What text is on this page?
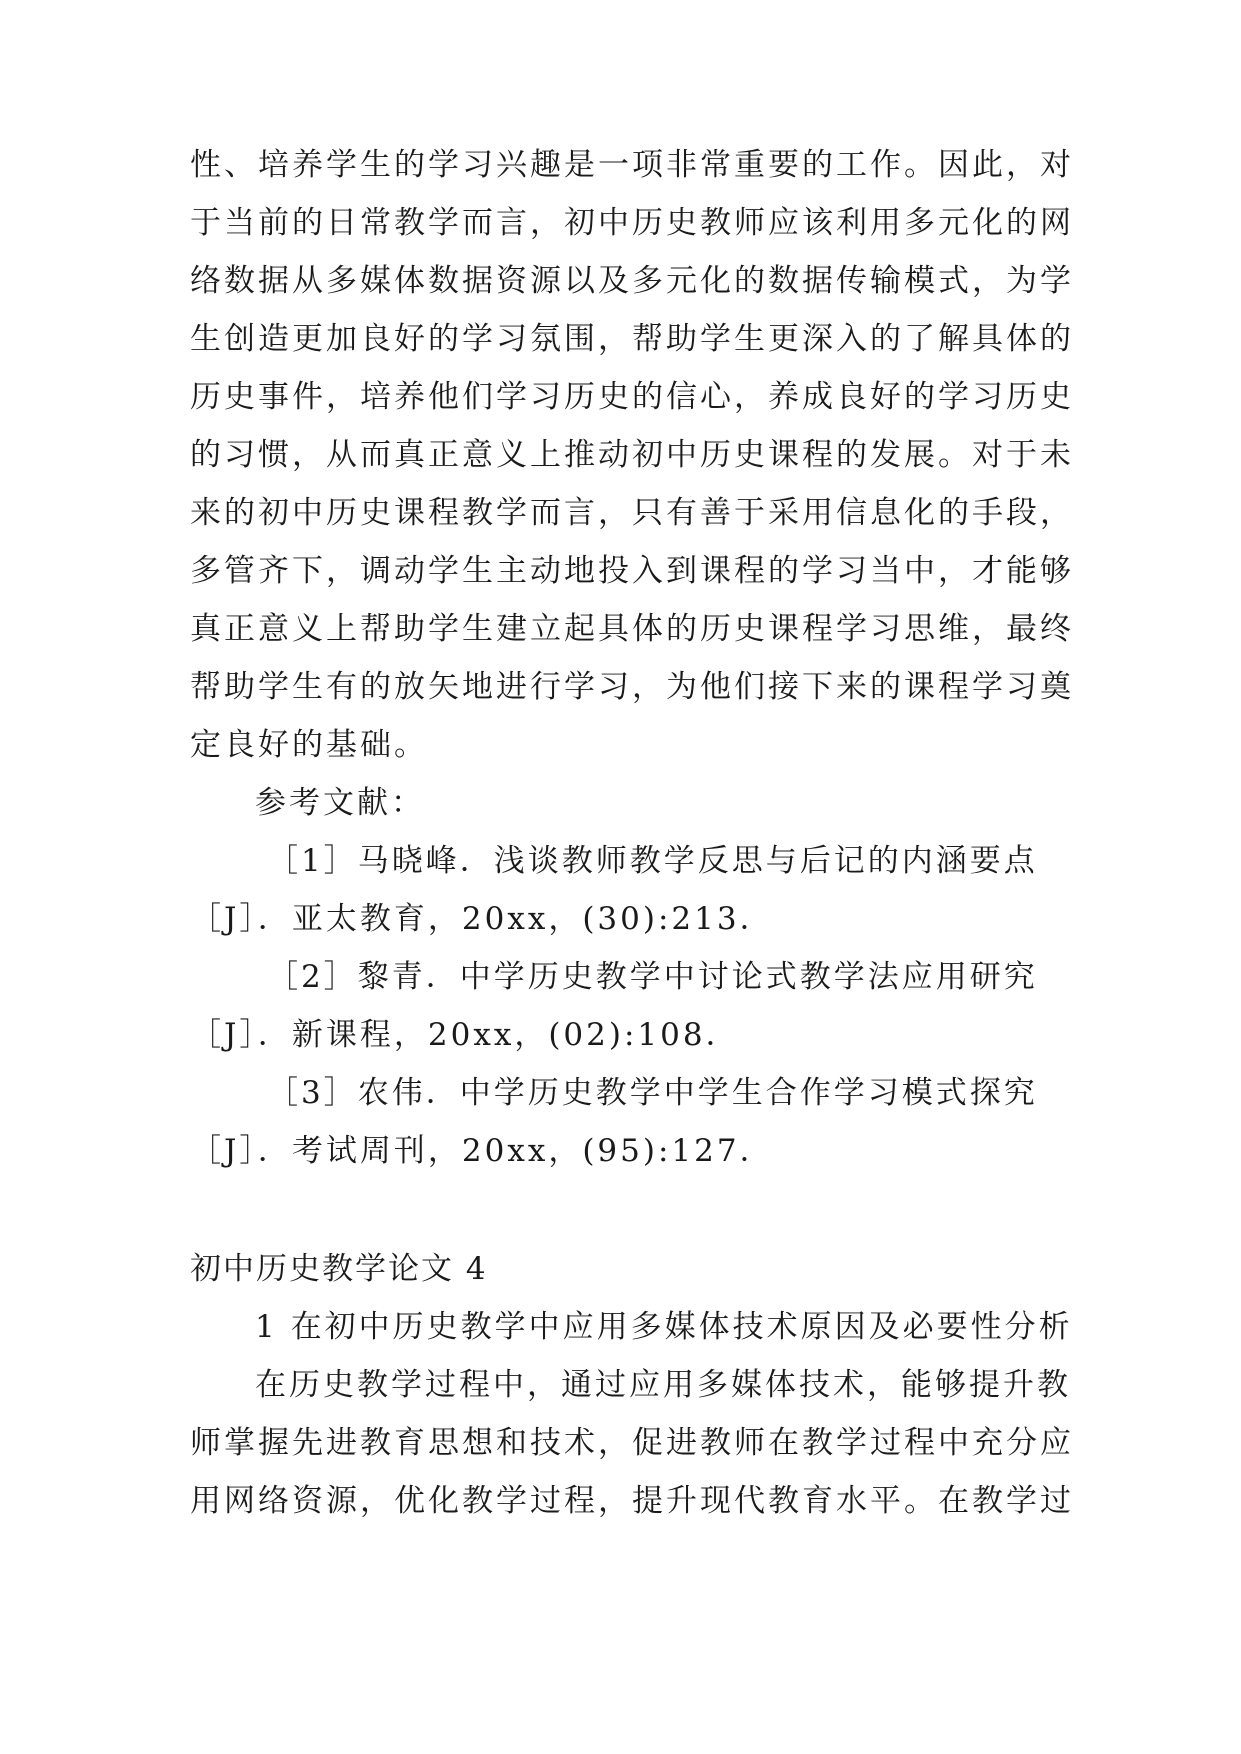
性、培养学生的学习兴趣是一项非常重要的工作。因此，对
于当前的日常教学而言，初中历史教师应该利用多元化的网
络数据从多媒体数据资源以及多元化的数据传输模式，为学
生创造更加良好的学习氛围，帮助学生更深入的了解具体的
历史事件，培养他们学习历史的信心，养成良好的学习历史
的习惯，从而真正意义上推动初中历史课程的发展。对于未
来的初中历史课程教学而言，只有善于采用信息化的手段，
多管齐下，调动学生主动地投入到课程的学习当中，才能够
真正意义上帮助学生建立起具体的历史课程学习思维，最终
帮助学生有的放矢地进行学习，为他们接下来的课程学习奠
定良好的基础。
参考文献：
［1］马晓峰．浅谈教师教学反思与后记的内涵要点
［J］．亚太教育，20xx，(30):213．
［2］黎青．中学历史教学中讨论式教学法应用研究
［J］．新课程，20xx，(02):108．
［3］农伟．中学历史教学中学生合作学习模式探究
［J］．考试周刊，20xx，(95):127．
初中历史教学论文 4
1 在初中历史教学中应用多媒体技术原因及必要性分析
在历史教学过程中，通过应用多媒体技术，能够提升教
师掌握先进教育思想和技术，促进教师在教学过程中充分应
用网络资源，优化教学过程，提升现代教育水平。在教学过
